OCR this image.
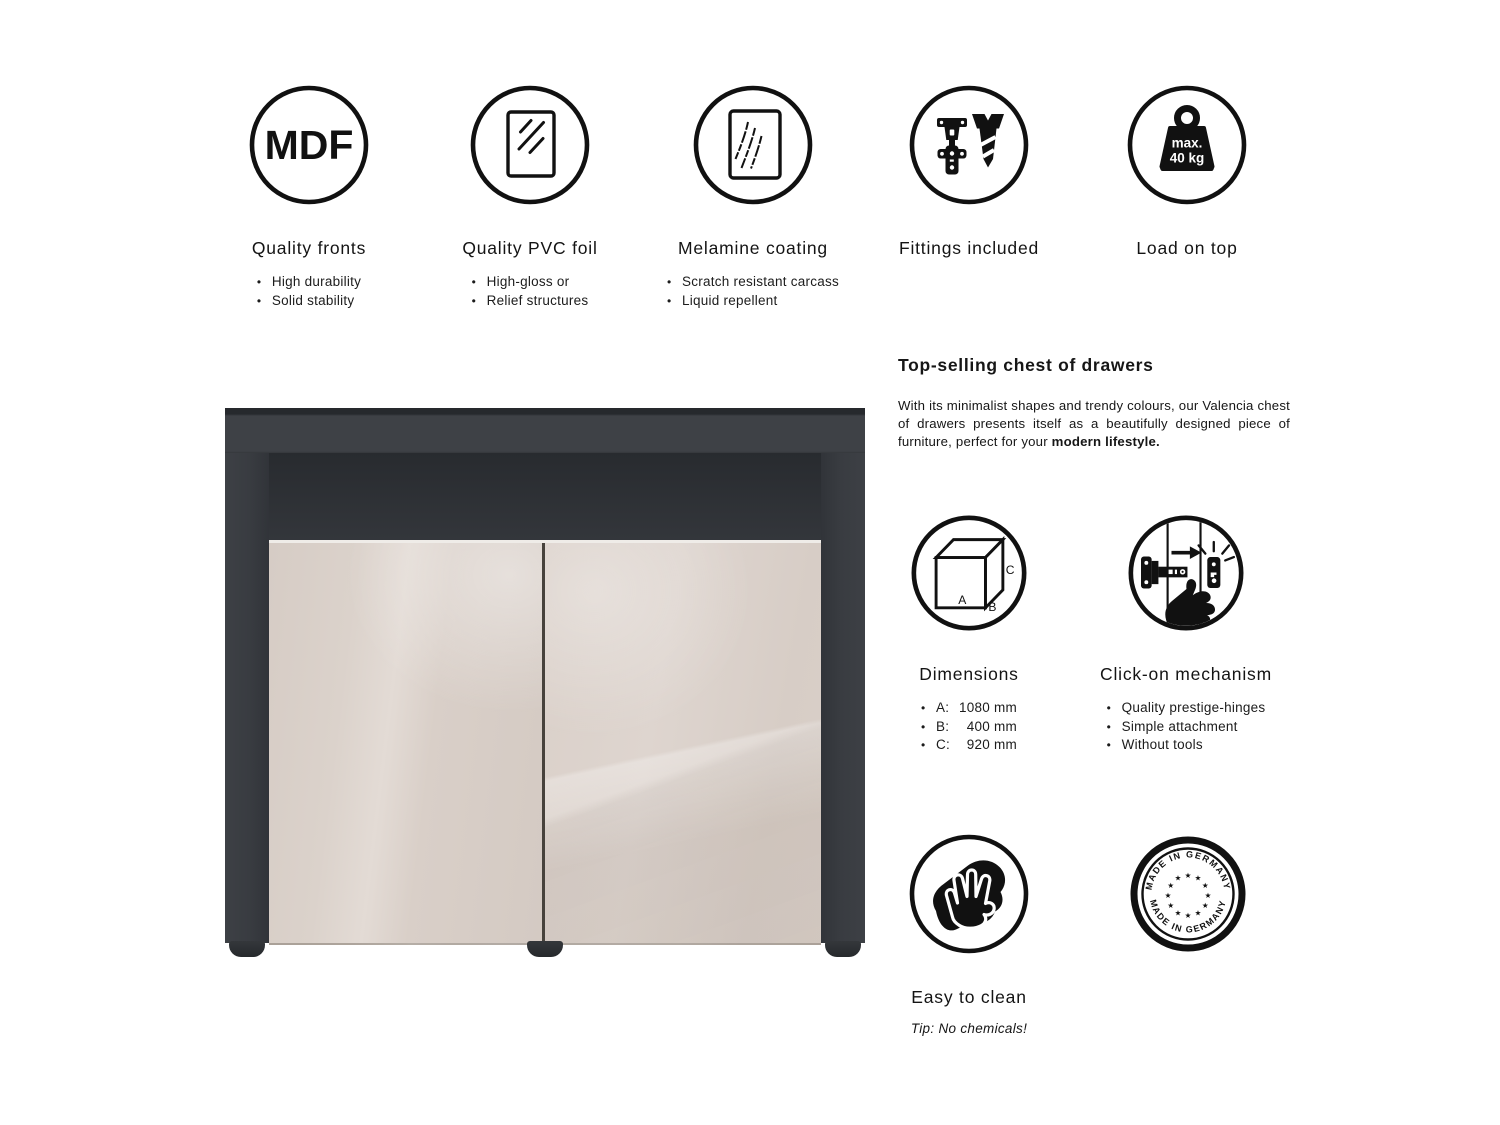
MDF
Quality fronts
• High durability
• Solid stability
Quality PVC foil
• High-gloss or
• Relief structures
Melamine coating
• Scratch resistant carcass
• Liquid repellent
Fittings included
max.
40 kg
Load on top
Top-selling chest of drawers
With its minimalist shapes and trendy colours, our Valencia chest of drawers presents itself as a beautifully designed piece of furniture, perfect for your modern lifestyle.
A
B
C
Dimensions
• A: 1080 mm
• B: 400 mm
• C: 920 mm
Click-on mechanism
• Quality prestige-hinges
• Simple attachment
• Without tools
Easy to clean
Tip: No chemicals!
MADE IN GERMANY
MADE IN GERMANY
★
★
★
★
★
★
★
★
★ ★ ★
★
